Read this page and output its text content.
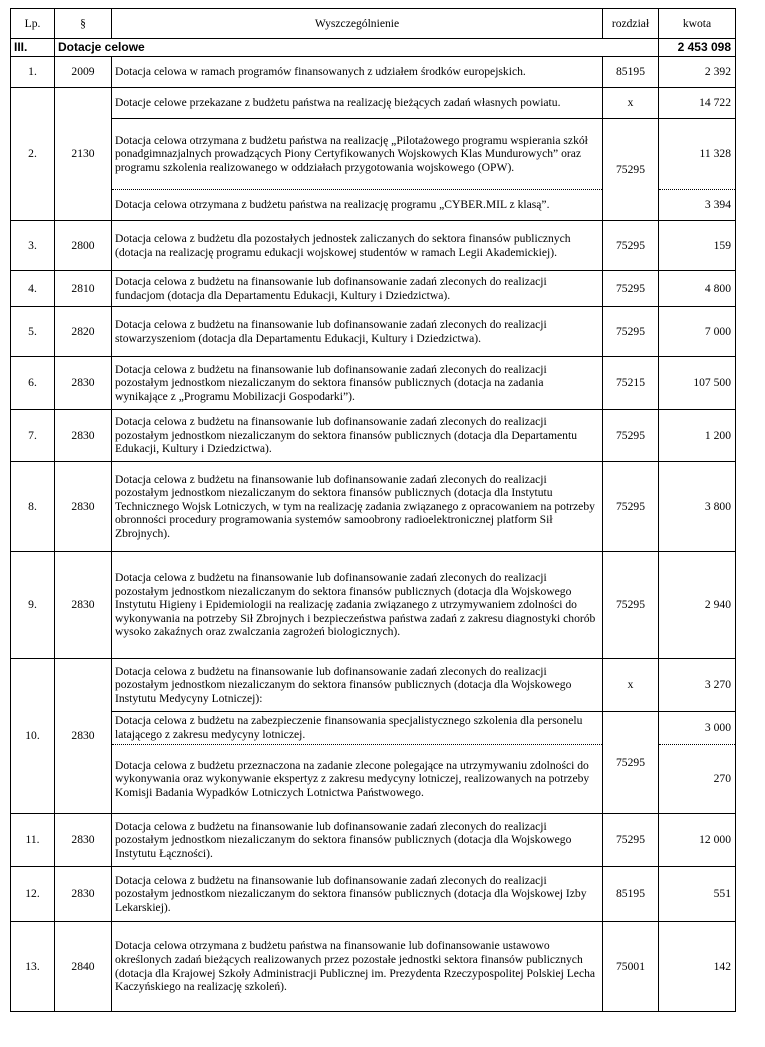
Lp.	§	Wyszczególnienie	rozdział	kwota
III.	Dotacje celowe			2 453 098
1.	2009	Dotacja celowa w ramach programów finansowanych z udziałem środków europejskich.	85195	2 392
2.	2130	Dotacje celowe przekazane z budżetu państwa na realizację bieżących zadań własnych powiatu.	x	14 722
		Dotacja celowa otrzymana z budżetu państwa na realizację „Pilotażowego programu wspierania szkół ponadgimnazjalnych prowadzących Piony Certyfikowanych Wojskowych Klas Mundurowych” oraz programu szkolenia realizowanego w oddziałach przygotowania wojskowego (OPW).	75295	11 328
		Dotacja celowa otrzymana z budżetu państwa na realizację programu „CYBER.MIL z klasą”.		3 394
3.	2800	Dotacja celowa z budżetu dla pozostałych jednostek zaliczanych do sektora finansów publicznych (dotacja na realizację programu edukacji wojskowej studentów w ramach Legii Akademickiej).	75295	159
4.	2810	Dotacja celowa z budżetu na finansowanie lub dofinansowanie zadań zleconych do realizacji fundacjom (dotacja dla Departamentu Edukacji, Kultury i Dziedzictwa).	75295	4 800
5.	2820	Dotacja celowa z budżetu na finansowanie lub dofinansowanie zadań zleconych do realizacji stowarzyszeniom (dotacja dla Departamentu Edukacji, Kultury i Dziedzictwa).	75295	7 000
6.	2830	Dotacja celowa z budżetu na finansowanie lub dofinansowanie zadań zleconych do realizacji pozostałym jednostkom niezaliczanym do sektora finansów publicznych (dotacja na zadania wynikające z „Programu Mobilizacji Gospodarki”).	75215	107 500
7.	2830	Dotacja celowa z budżetu na finansowanie lub dofinansowanie zadań zleconych do realizacji pozostałym jednostkom niezaliczanym do sektora finansów publicznych (dotacja dla Departamentu Edukacji, Kultury i Dziedzictwa).	75295	1 200
8.	2830	Dotacja celowa z budżetu na finansowanie lub dofinansowanie zadań zleconych do realizacji pozostałym jednostkom niezaliczanym do sektora finansów publicznych (dotacja dla Instytutu Technicznego Wojsk Lotniczych, w tym na realizację zadania związanego z opracowaniem na potrzeby obronności procedury programowania systemów samoobrony radioelektronicznej platform Sił Zbrojnych).	75295	3 800
9.	2830	Dotacja celowa z budżetu na finansowanie lub dofinansowanie zadań zleconych do realizacji pozostałym jednostkom niezaliczanym do sektora finansów publicznych (dotacja dla Wojskowego Instytutu Higieny i Epidemiologii na realizację zadania związanego z utrzymywaniem zdolności do wykonywania na potrzeby Sił Zbrojnych i bezpieczeństwa państwa zadań z zakresu diagnostyki chorób wysoko zakaźnych oraz zwalczania zagrożeń biologicznych).	75295	2 940
10.	2830	Dotacja celowa z budżetu na finansowanie lub dofinansowanie zadań zleconych do realizacji pozostałym jednostkom niezaliczanym do sektora finansów publicznych (dotacja dla Wojskowego Instytutu Medycyny Lotniczej):	x	3 270
		Dotacja celowa z budżetu na zabezpieczenie finansowania specjalistycznego szkolenia dla personelu latającego z zakresu medycyny lotniczej.	75295	3 000
		Dotacja celowa z budżetu przeznaczona na zadanie zlecone polegające na utrzymywaniu zdolności do wykonywania oraz wykonywanie ekspertyz z zakresu medycyny lotniczej, realizowanych na potrzeby Komisji Badania Wypadków Lotniczych Lotnictwa Państwowego.		270
11.	2830	Dotacja celowa z budżetu na finansowanie lub dofinansowanie zadań zleconych do realizacji pozostałym jednostkom niezaliczanym do sektora finansów publicznych (dotacja dla Wojskowego Instytutu Łączności).	75295	12 000
12.	2830	Dotacja celowa z budżetu na finansowanie lub dofinansowanie zadań zleconych do realizacji pozostałym jednostkom niezaliczanym do sektora finansów publicznych (dotacja dla Wojskowej Izby Lekarskiej).	85195	551
13.	2840	Dotacja celowa otrzymana z budżetu państwa na finansowanie lub dofinansowanie ustawowo określonych zadań bieżących realizowanych przez pozostałe jednostki sektora finansów publicznych (dotacja dla Krajowej Szkoły Administracji Publicznej im. Prezydenta Rzeczypospolitej Polskiej Lecha Kaczyńskiego na realizację szkoleń).	75001	142
